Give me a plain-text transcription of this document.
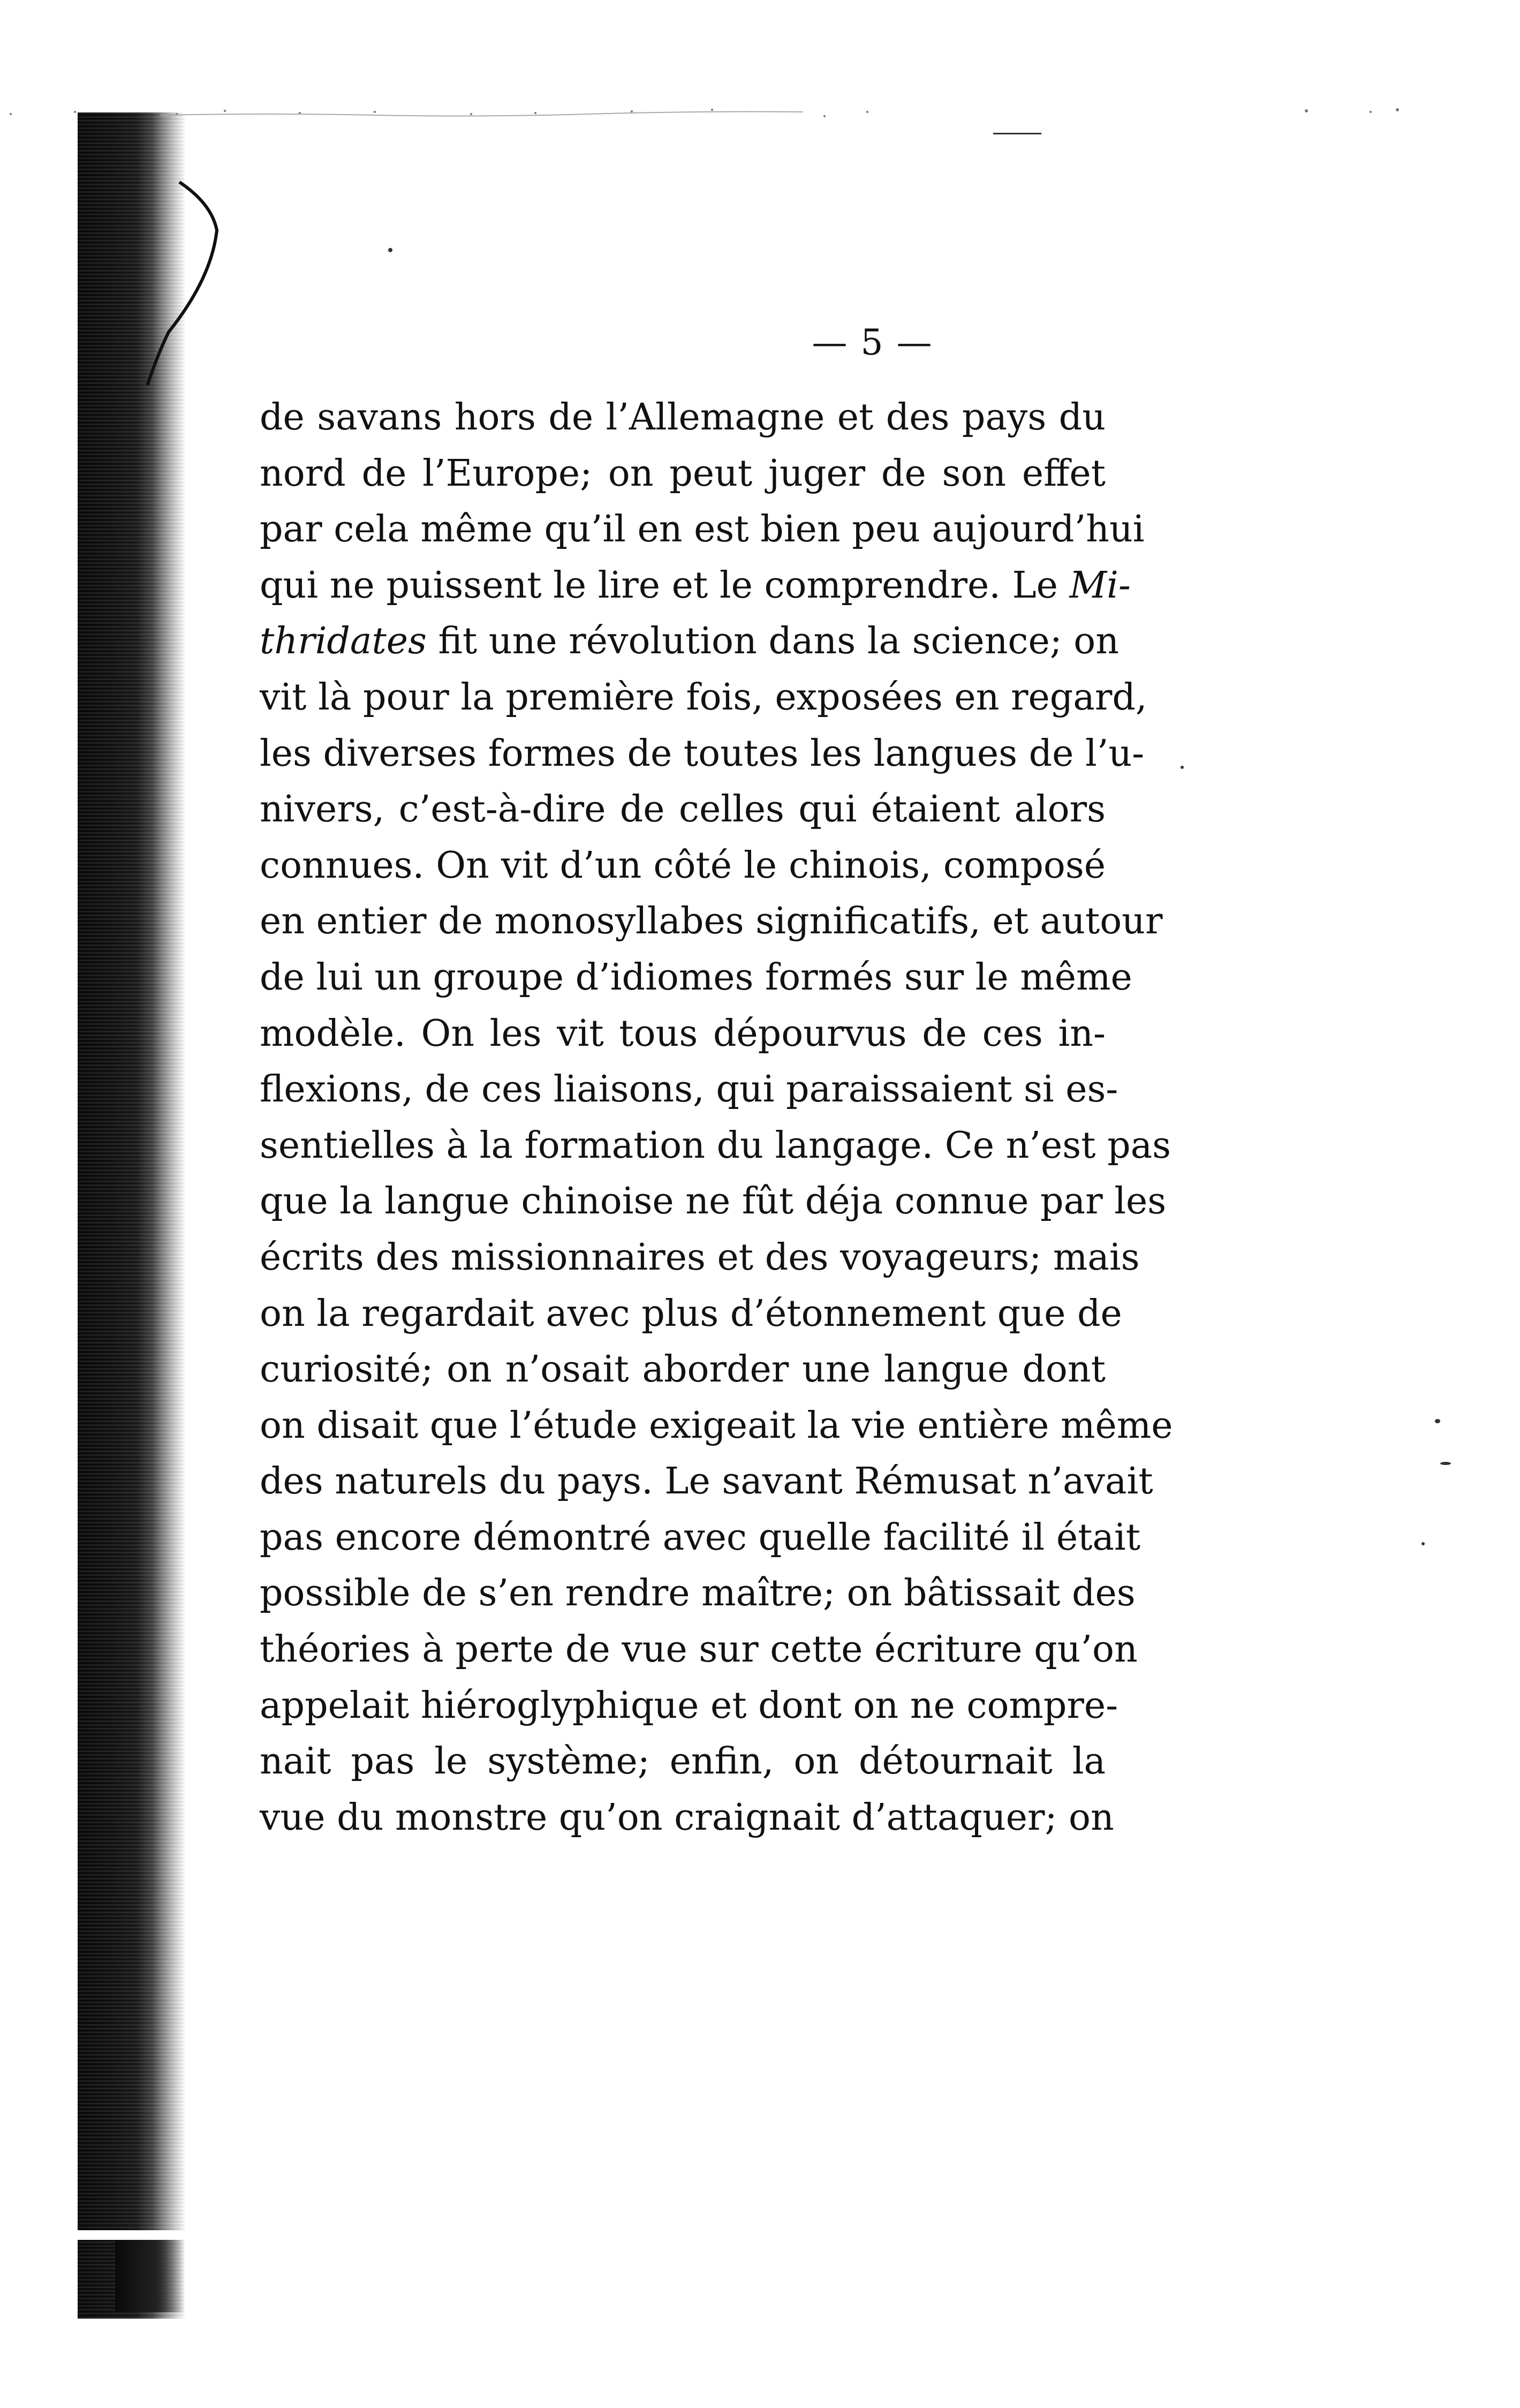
— 5 —
de savans hors de l’Allemagne et des pays du
nord de l’Europe; on peut juger de son effet
par cela même qu’il en est bien peu aujourd’hui
qui ne puissent le lire et le comprendre. Le Mi-
thridates fit une révolution dans la science; on
vit là pour la première fois, exposées en regard,
les diverses formes de toutes les langues de l’u-
nivers, c’est-à-dire de celles qui étaient alors
connues. On vit d’un côté le chinois, composé
en entier de monosyllabes significatifs, et autour
de lui un groupe d’idiomes formés sur le même
modèle. On les vit tous dépourvus de ces in-
flexions, de ces liaisons, qui paraissaient si es-
sentielles à la formation du langage. Ce n’est pas
que la langue chinoise ne fût déja connue par les
écrits des missionnaires et des voyageurs; mais
on la regardait avec plus d’étonnement que de
curiosité; on n’osait aborder une langue dont
on disait que l’étude exigeait la vie entière même
des naturels du pays. Le savant Rémusat n’avait
pas encore démontré avec quelle facilité il était
possible de s’en rendre maître; on bâtissait des
théories à perte de vue sur cette écriture qu’on
appelait hiéroglyphique et dont on ne compre-
nait pas le système; enfin, on détournait la
vue du monstre qu’on craignait d’attaquer; on
